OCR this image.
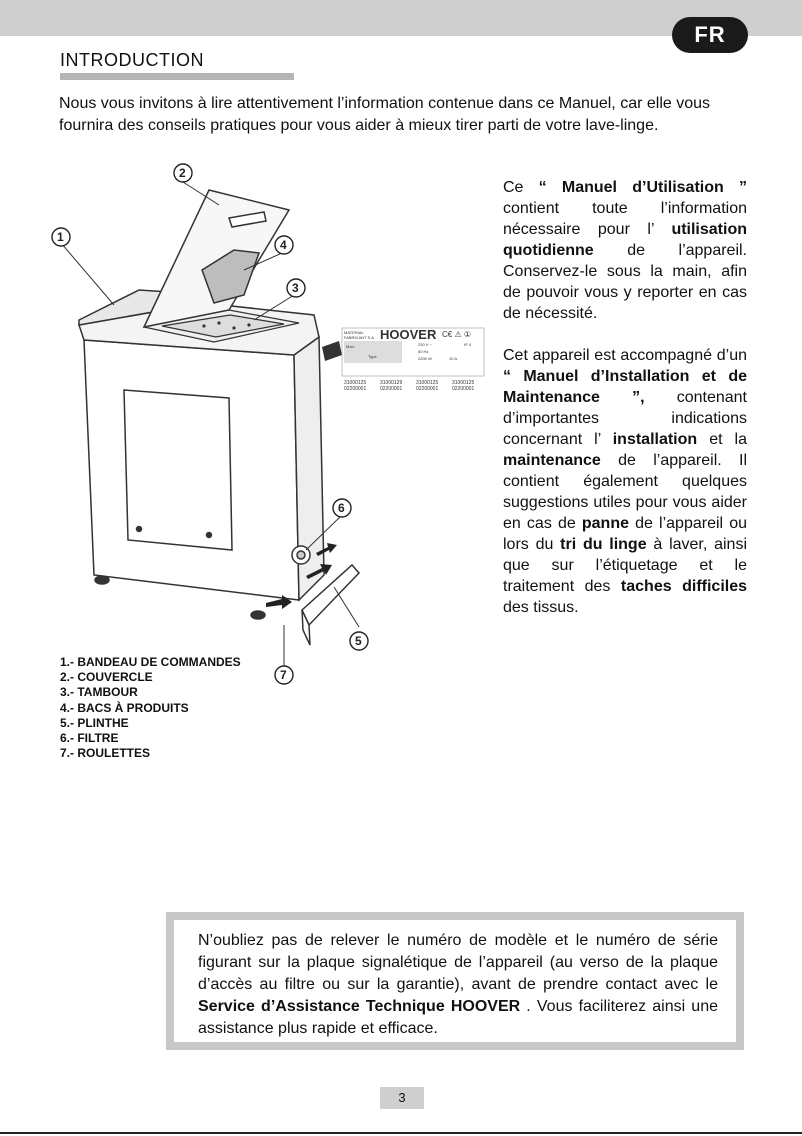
FR
INTRODUCTION

Nous vous invitons à lire attentivement l’information contenue dans ce Manuel, car elle vous fournira des conseils pratiques pour vous aider à mieux tirer parti de votre lave-linge.

MATERIAL
FABRICANT S.A. HOOVER C€ ⚠ ①
Mod.
Type
230 V ~
50 Hz
IP 4
2200 W	10 A
31000125
02200001
31000129
02200001
31000125
02200001
31000125
02200001
1
2
3
4
5
6
7
1.- BANDEAU DE COMMANDES
2.- COUVERCLE
3.- TAMBOUR
4.- BACS À PRODUITS
5.- PLINTHE
6.- FILTRE
7.- ROULETTES

Ce “ Manuel d’Utilisation ” contient toute l’information nécessaire pour l’ utilisation quotidienne de l’appareil. Conservez-le sous la main, afin de pouvoir vous y reporter en cas de nécessité.

Cet appareil est accompagné d’un “ Manuel d’Installation et de Maintenance ”, contenant d’importantes indications concernant l’ installation et la maintenance de l’appareil. Il contient également quelques suggestions utiles pour vous aider en cas de panne de l’appareil ou lors du tri du linge à laver, ainsi que sur l’étiquetage et le traitement des taches difficiles des tissus.

N’oubliez pas de relever le numéro de modèle et le numéro de série figurant sur la plaque signalétique de l’appareil (au verso de la plaque d’accès au filtre ou sur la garantie), avant de prendre contact avec le Service d’Assistance Technique HOOVER . Vous faciliterez ainsi une assistance plus rapide et efficace.

3
